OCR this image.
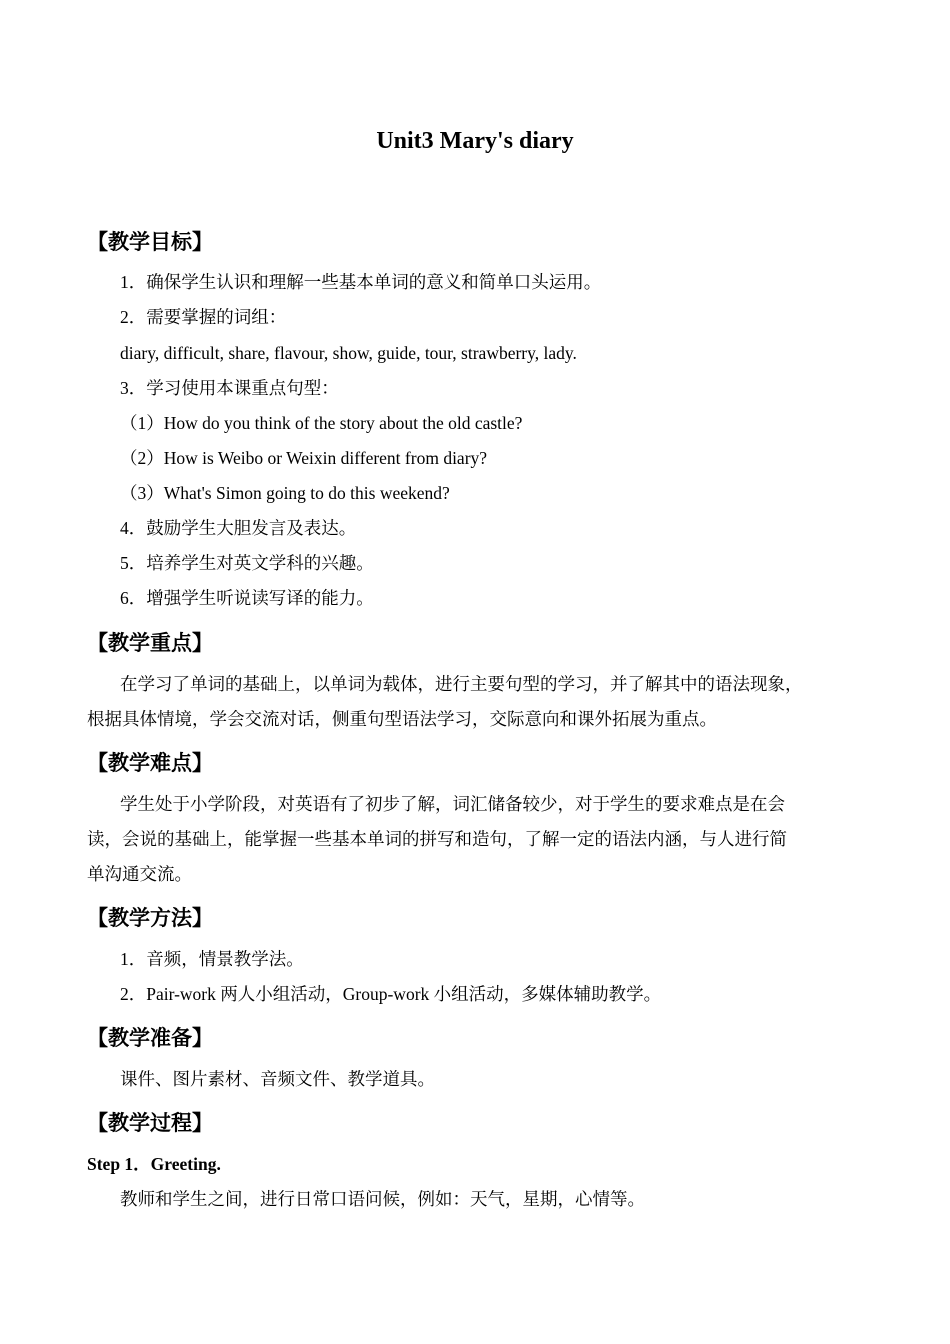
Unit3 Mary's diary
【教学目标】
1．确保学生认识和理解一些基本单词的意义和简单口头运用。
2．需要掌握的词组：
diary, difficult, share, flavour, show, guide, tour, strawberry, lady.
3．学习使用本课重点句型：
（1）How do you think of the story about the old castle?
（2）How is Weibo or Weixin different from diary?
（3）What's Simon going to do this weekend?
4．鼓励学生大胆发言及表达。
5．培养学生对英文学科的兴趣。
6．增强学生听说读写译的能力。
【教学重点】
在学习了单词的基础上，以单词为载体，进行主要句型的学习，并了解其中的语法现象，
根据具体情境，学会交流对话，侧重句型语法学习，交际意向和课外拓展为重点。
【教学难点】
学生处于小学阶段，对英语有了初步了解，词汇储备较少，对于学生的要求难点是在会
读，会说的基础上，能掌握一些基本单词的拼写和造句，了解一定的语法内涵，与人进行简
单沟通交流。
【教学方法】
1．音频，情景教学法。
2．Pair-work 两人小组活动，Group-work 小组活动，多媒体辅助教学。
【教学准备】
课件、图片素材、音频文件、教学道具。
【教学过程】
Step 1．Greeting.
教师和学生之间，进行日常口语问候，例如：天气，星期，心情等。
